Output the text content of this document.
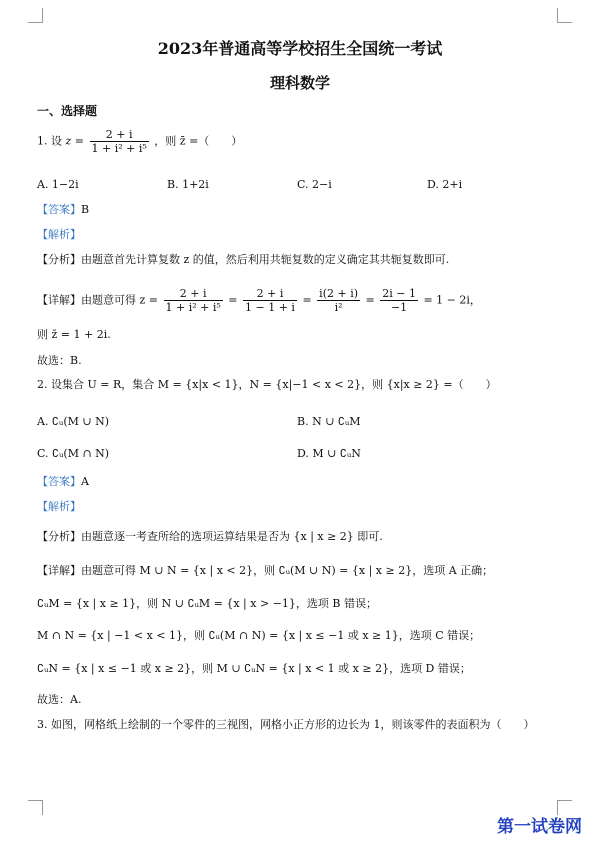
2023年普通高等学校招生全国统一考试
理科数学
一、选择题
1. 设 $z = \frac{2 + i}{\text{1 + i² + i⁵}}$ ，则 z̄ =（　　）
A. 1−2i	B. 1+2i	C. 2−i	D. 2+i
【答案】B
【解析】
【分析】由题意首先计算复数 z 的值，然后利用共轭复数的定义确定其共轭复数即可.
【详解】由题意可得 $z = \frac{2 + i}{\text{1 + i² + i⁵}} = \frac{2 + i}{1 - 1 + i} = \frac{i(2 + i)}{\text{i²}} = \frac{2i - 1}{-1} = 1 - 2i$，
则 z̄ = 1 + 2i.
故选：B.
2. 设集合 U = R，集合 M = {x|x < 1}，N = {x|−1 < x < 2}，则 {x|x ≥ 2} =（　　）
A. ∁ᵤ(M ∪ N)	B. N ∪ ∁ᵤM
C. ∁ᵤ(M ∩ N)	D. M ∪ ∁ᵤN
【答案】A
【解析】
【分析】由题意逐一考查所给的选项运算结果是否为 {x | x ≥ 2} 即可.
【详解】由题意可得 M ∪ N = {x | x < 2}，则 ∁ᵤ(M ∪ N) = {x | x ≥ 2}，选项 A 正确；
∁ᵤM = {x | x ≥ 1}，则 N ∪ ∁ᵤM = {x | x > −1}，选项 B 错误；
M ∩ N = {x | −1 < x < 1}，则 ∁ᵤ(M ∩ N) = {x | x ≤ −1 或 x ≥ 1}，选项 C 错误；
∁ᵤN = {x | x ≤ −1 或 x ≥ 2}，则 M ∪ ∁ᵤN = {x | x < 1 或 x ≥ 2}，选项 D 错误；
故选：A.
3. 如图，网格纸上绘制的一个零件的三视图，网格小正方形的边长为 1，则该零件的表面积为（　　）
第一试卷网
